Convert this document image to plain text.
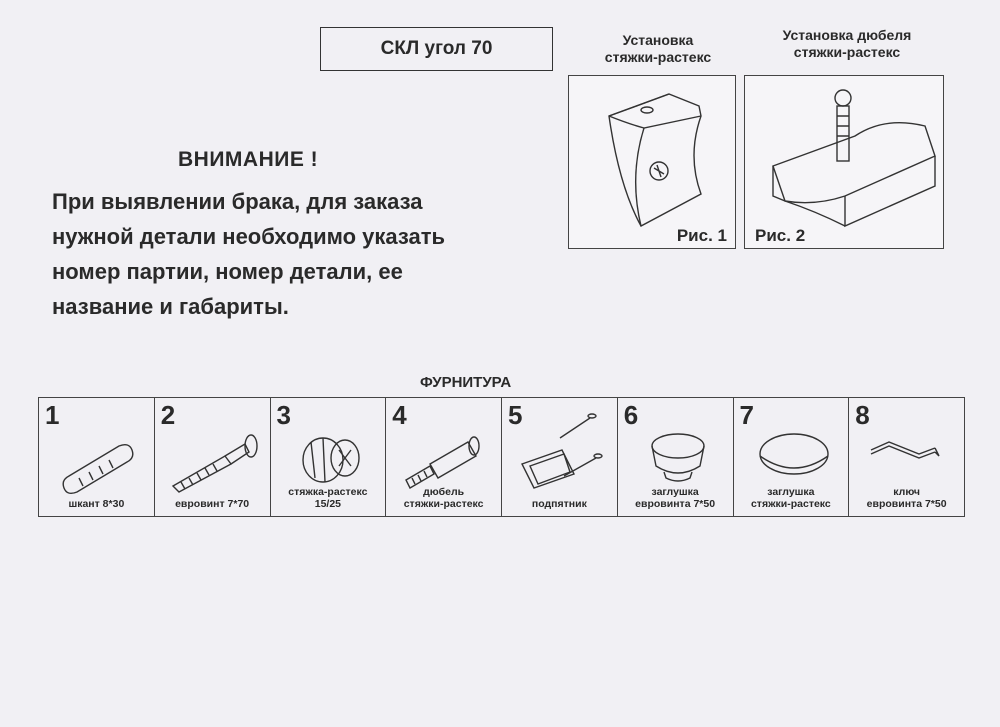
СКЛ угол 70	Установка
стяжки-растекс
Рис. 1
Установка дюбеля
стяжки-растекс
Рис. 2
ВНИМАНИЕ !
При выявлении брака, для заказа
нужной детали необходимо указать
номер партии, номер детали, ее
название и габариты.
ФУРНИТУРА
1
шкант 8*30
2
евровинт 7*70
3
стяжка-растекс
15/25
4
дюбель
стяжки-растекс
5
подпятник
6
заглушка
евровинта 7*50
7
заглушка
стяжки-растекс
8
ключ
евровинта 7*50
